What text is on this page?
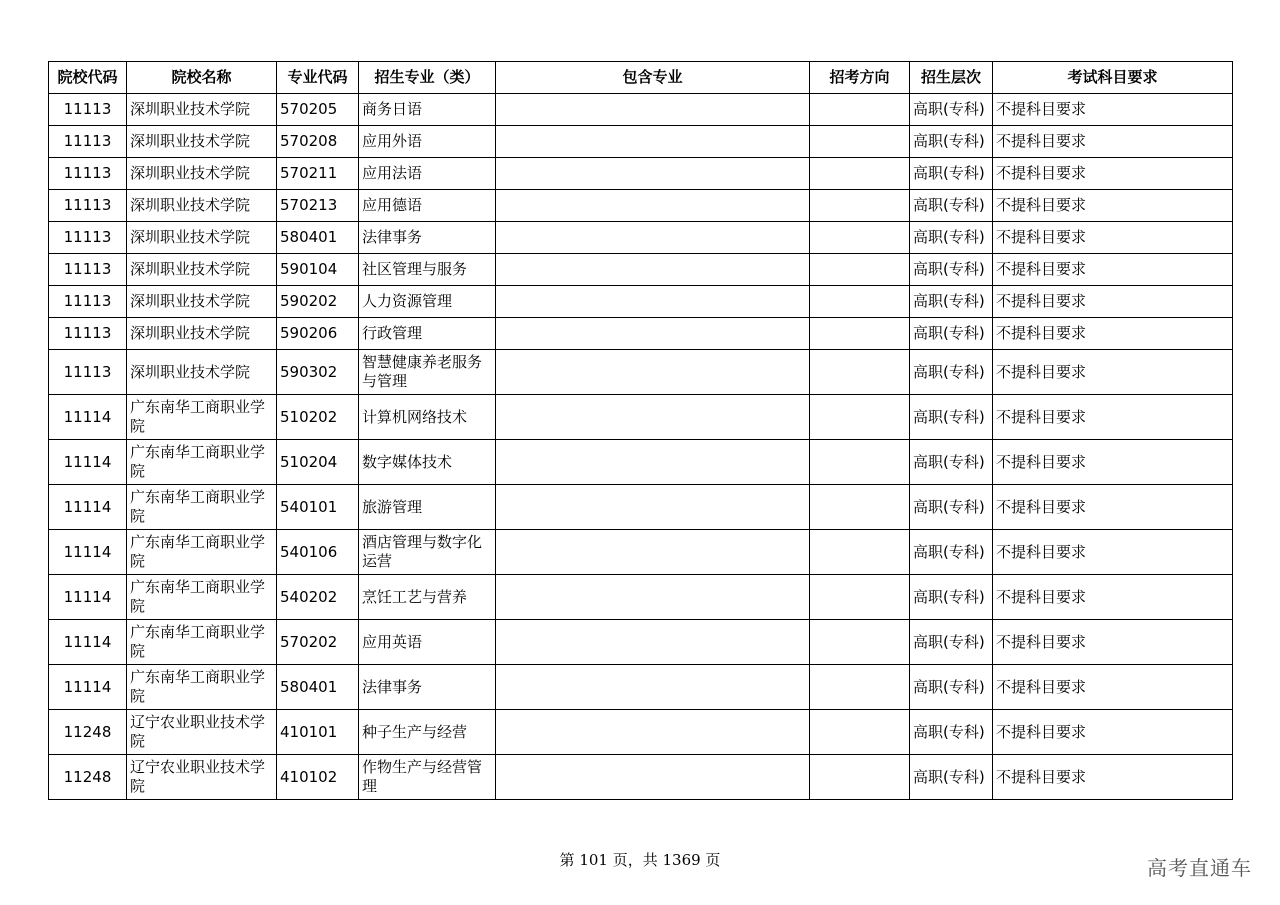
院校代码	院校名称	专业代码	招生专业（类）	包含专业	招考方向	招生层次	考试科目要求
11113	深圳职业技术学院	570205	商务日语			高职(专科)	不提科目要求
11113	深圳职业技术学院	570208	应用外语			高职(专科)	不提科目要求
11113	深圳职业技术学院	570211	应用法语			高职(专科)	不提科目要求
11113	深圳职业技术学院	570213	应用德语			高职(专科)	不提科目要求
11113	深圳职业技术学院	580401	法律事务			高职(专科)	不提科目要求
11113	深圳职业技术学院	590104	社区管理与服务			高职(专科)	不提科目要求
11113	深圳职业技术学院	590202	人力资源管理			高职(专科)	不提科目要求
11113	深圳职业技术学院	590206	行政管理			高职(专科)	不提科目要求
11113	深圳职业技术学院	590302	智慧健康养老服务与管理			高职(专科)	不提科目要求
11114	广东南华工商职业学院	510202	计算机网络技术			高职(专科)	不提科目要求
11114	广东南华工商职业学院	510204	数字媒体技术			高职(专科)	不提科目要求
11114	广东南华工商职业学院	540101	旅游管理			高职(专科)	不提科目要求
11114	广东南华工商职业学院	540106	酒店管理与数字化运营			高职(专科)	不提科目要求
11114	广东南华工商职业学院	540202	烹饪工艺与营养			高职(专科)	不提科目要求
11114	广东南华工商职业学院	570202	应用英语			高职(专科)	不提科目要求
11114	广东南华工商职业学院	580401	法律事务			高职(专科)	不提科目要求
11248	辽宁农业职业技术学院	410101	种子生产与经营			高职(专科)	不提科目要求
11248	辽宁农业职业技术学院	410102	作物生产与经营管理			高职(专科)	不提科目要求
第 101 页，共 1369 页	高考直通车
